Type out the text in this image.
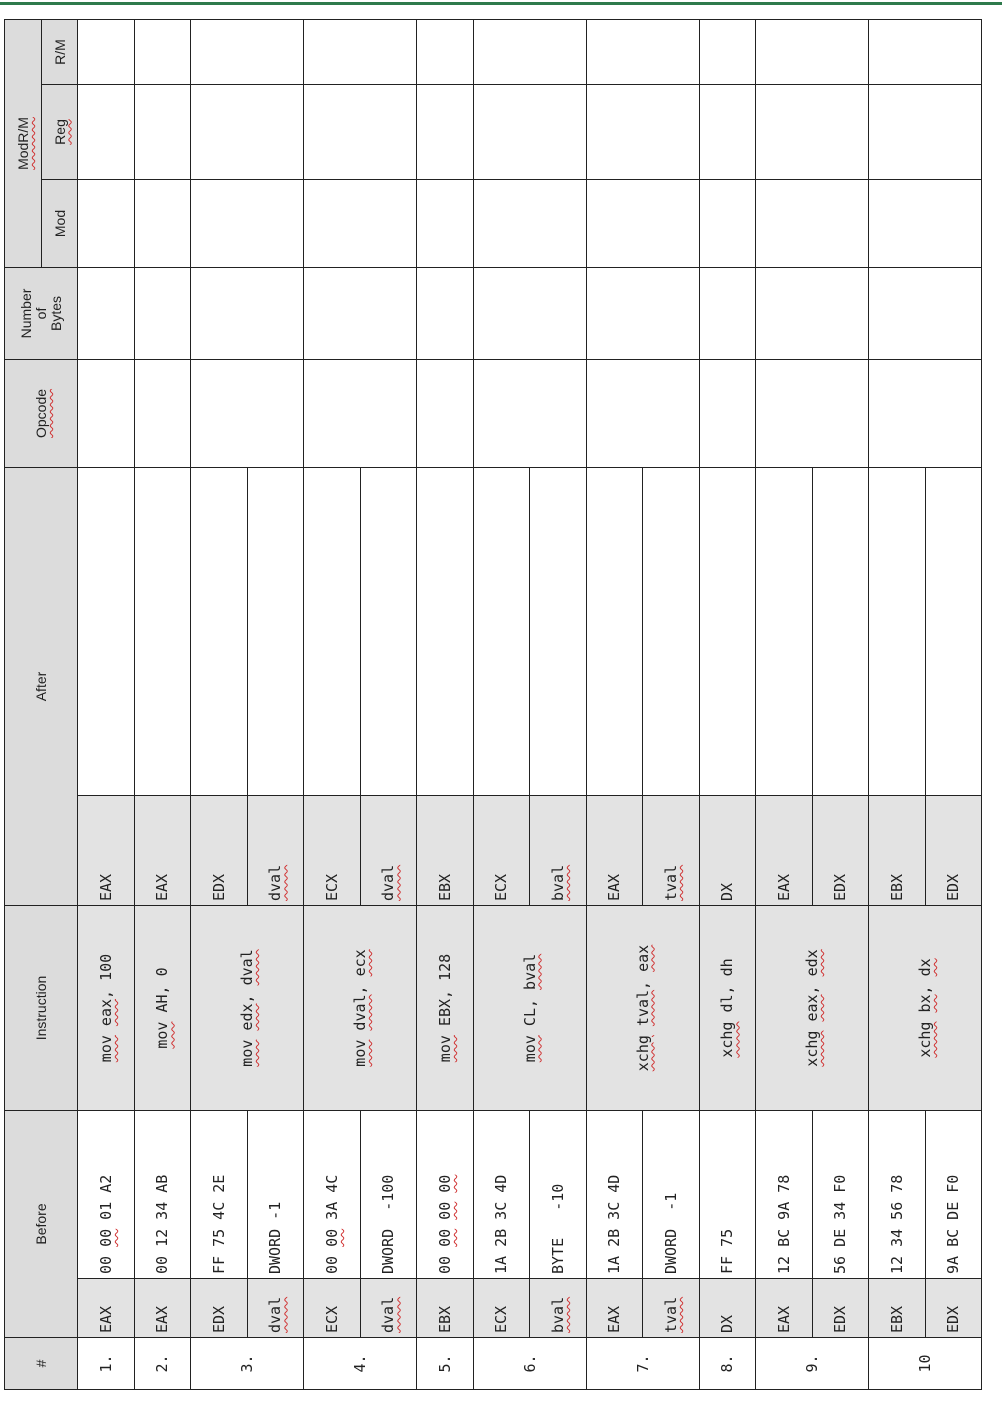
#	Before		Instruction	After		Opcode	Number
of
Bytes	ModR/M		
								Mod	Reg	R/M
1.	EAX	00 00 01 A2	mov eax, 100	EAX						
2.	EAX	00 12 34 AB	mov AH, 0	EAX						
3.	EDX	FF 75 4C 2E	mov edx, dval	EDX						
	dval	DWORD -1		dval						
4.	ECX	00 00 3A 4C	mov dval, ecx	ECX						
	dval	DWORD  -100		dval						
5.	EBX	00 00 00 00	mov EBX, 128	EBX						
6.	ECX	1A 2B 3C 4D	mov CL, bval	ECX						
	bval	BYTE   -10		bval						
7.	EAX	1A 2B 3C 4D	xchg tval, eax	EAX						
	tval	DWORD  -1		tval						
8.	DX	FF 75	xchg dl, dh	DX						
9.	EAX	12 BC 9A 78	xchg eax, edx	EAX						
	EDX	56 DE 34 F0		EDX						
10	EBX	12 34 56 78	xchg bx, dx	EBX						
	EDX	9A BC DE F0		EDX						
